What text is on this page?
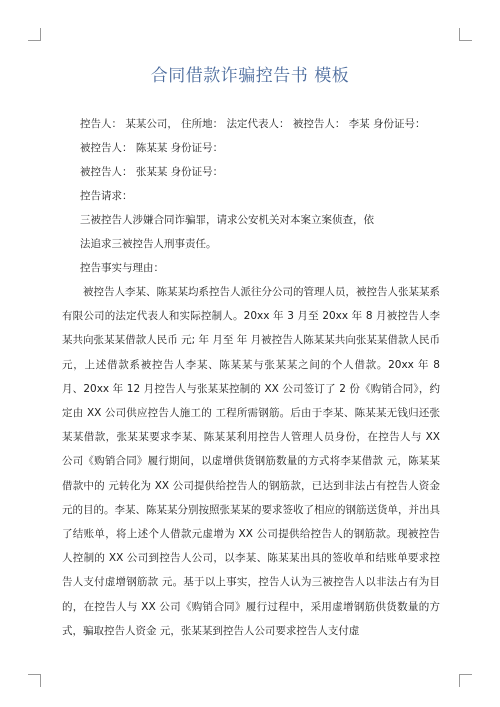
合同借款诈骗控告书 模板

控告人： 某某公司， 住所地： 法定代表人： 被控告人： 李某 身份证号：

被控告人： 陈某某 身份证号：

被控告人： 张某某 身份证号：

控告请求：

三被控告人涉嫌合同诈骗罪，请求公安机关对本案立案侦查，依

法追求三被控告人刑事责任。

控告事实与理由：

被控告人李某、陈某某均系控告人派往分公司的管理人员，被控告人张某某系 有限公司的法定代表人和实际控制人。20xx 年 3 月至 20xx 年 8 月被控告人李某共向张某某借款人民币 元; 年 月至 年 月被控告人陈某某共向张某某借款人民币元，上述借款系被控告人李某、陈某某与张某某之间的个人借款。20xx 年 8 月、20xx 年 12 月控告人与张某某控制的 XX 公司签订了 2 份《购销合同》，约定由 XX 公司供应控告人施工的 工程所需钢筋。后由于李某、陈某某无钱归还张某某借款，张某某要求李某、陈某某利用控告人管理人员身份，在控告人与 XX 公司《购销合同》履行期间，以虚增供货钢筋数量的方式将李某借款 元，陈某某借款中的 元转化为 XX 公司提供给控告人的钢筋款，已达到非法占有控告人资金 元的目的。李某、陈某某分别按照张某某的要求签收了相应的钢筋送货单，并出具了结账单，将上述个人借款元虚增为 XX 公司提供给控告人的钢筋款。现被控告人控制的 XX 公司到控告人公司，以李某、陈某某出具的签收单和结账单要求控告人支付虚增钢筋款 元。基于以上事实，控告人认为三被控告人以非法占有为目的，在控告人与 XX 公司《购销合同》履行过程中，采用虚增钢筋供货数量的方式，骗取控告人资金 元，张某某到控告人公司要求控告人支付虚
